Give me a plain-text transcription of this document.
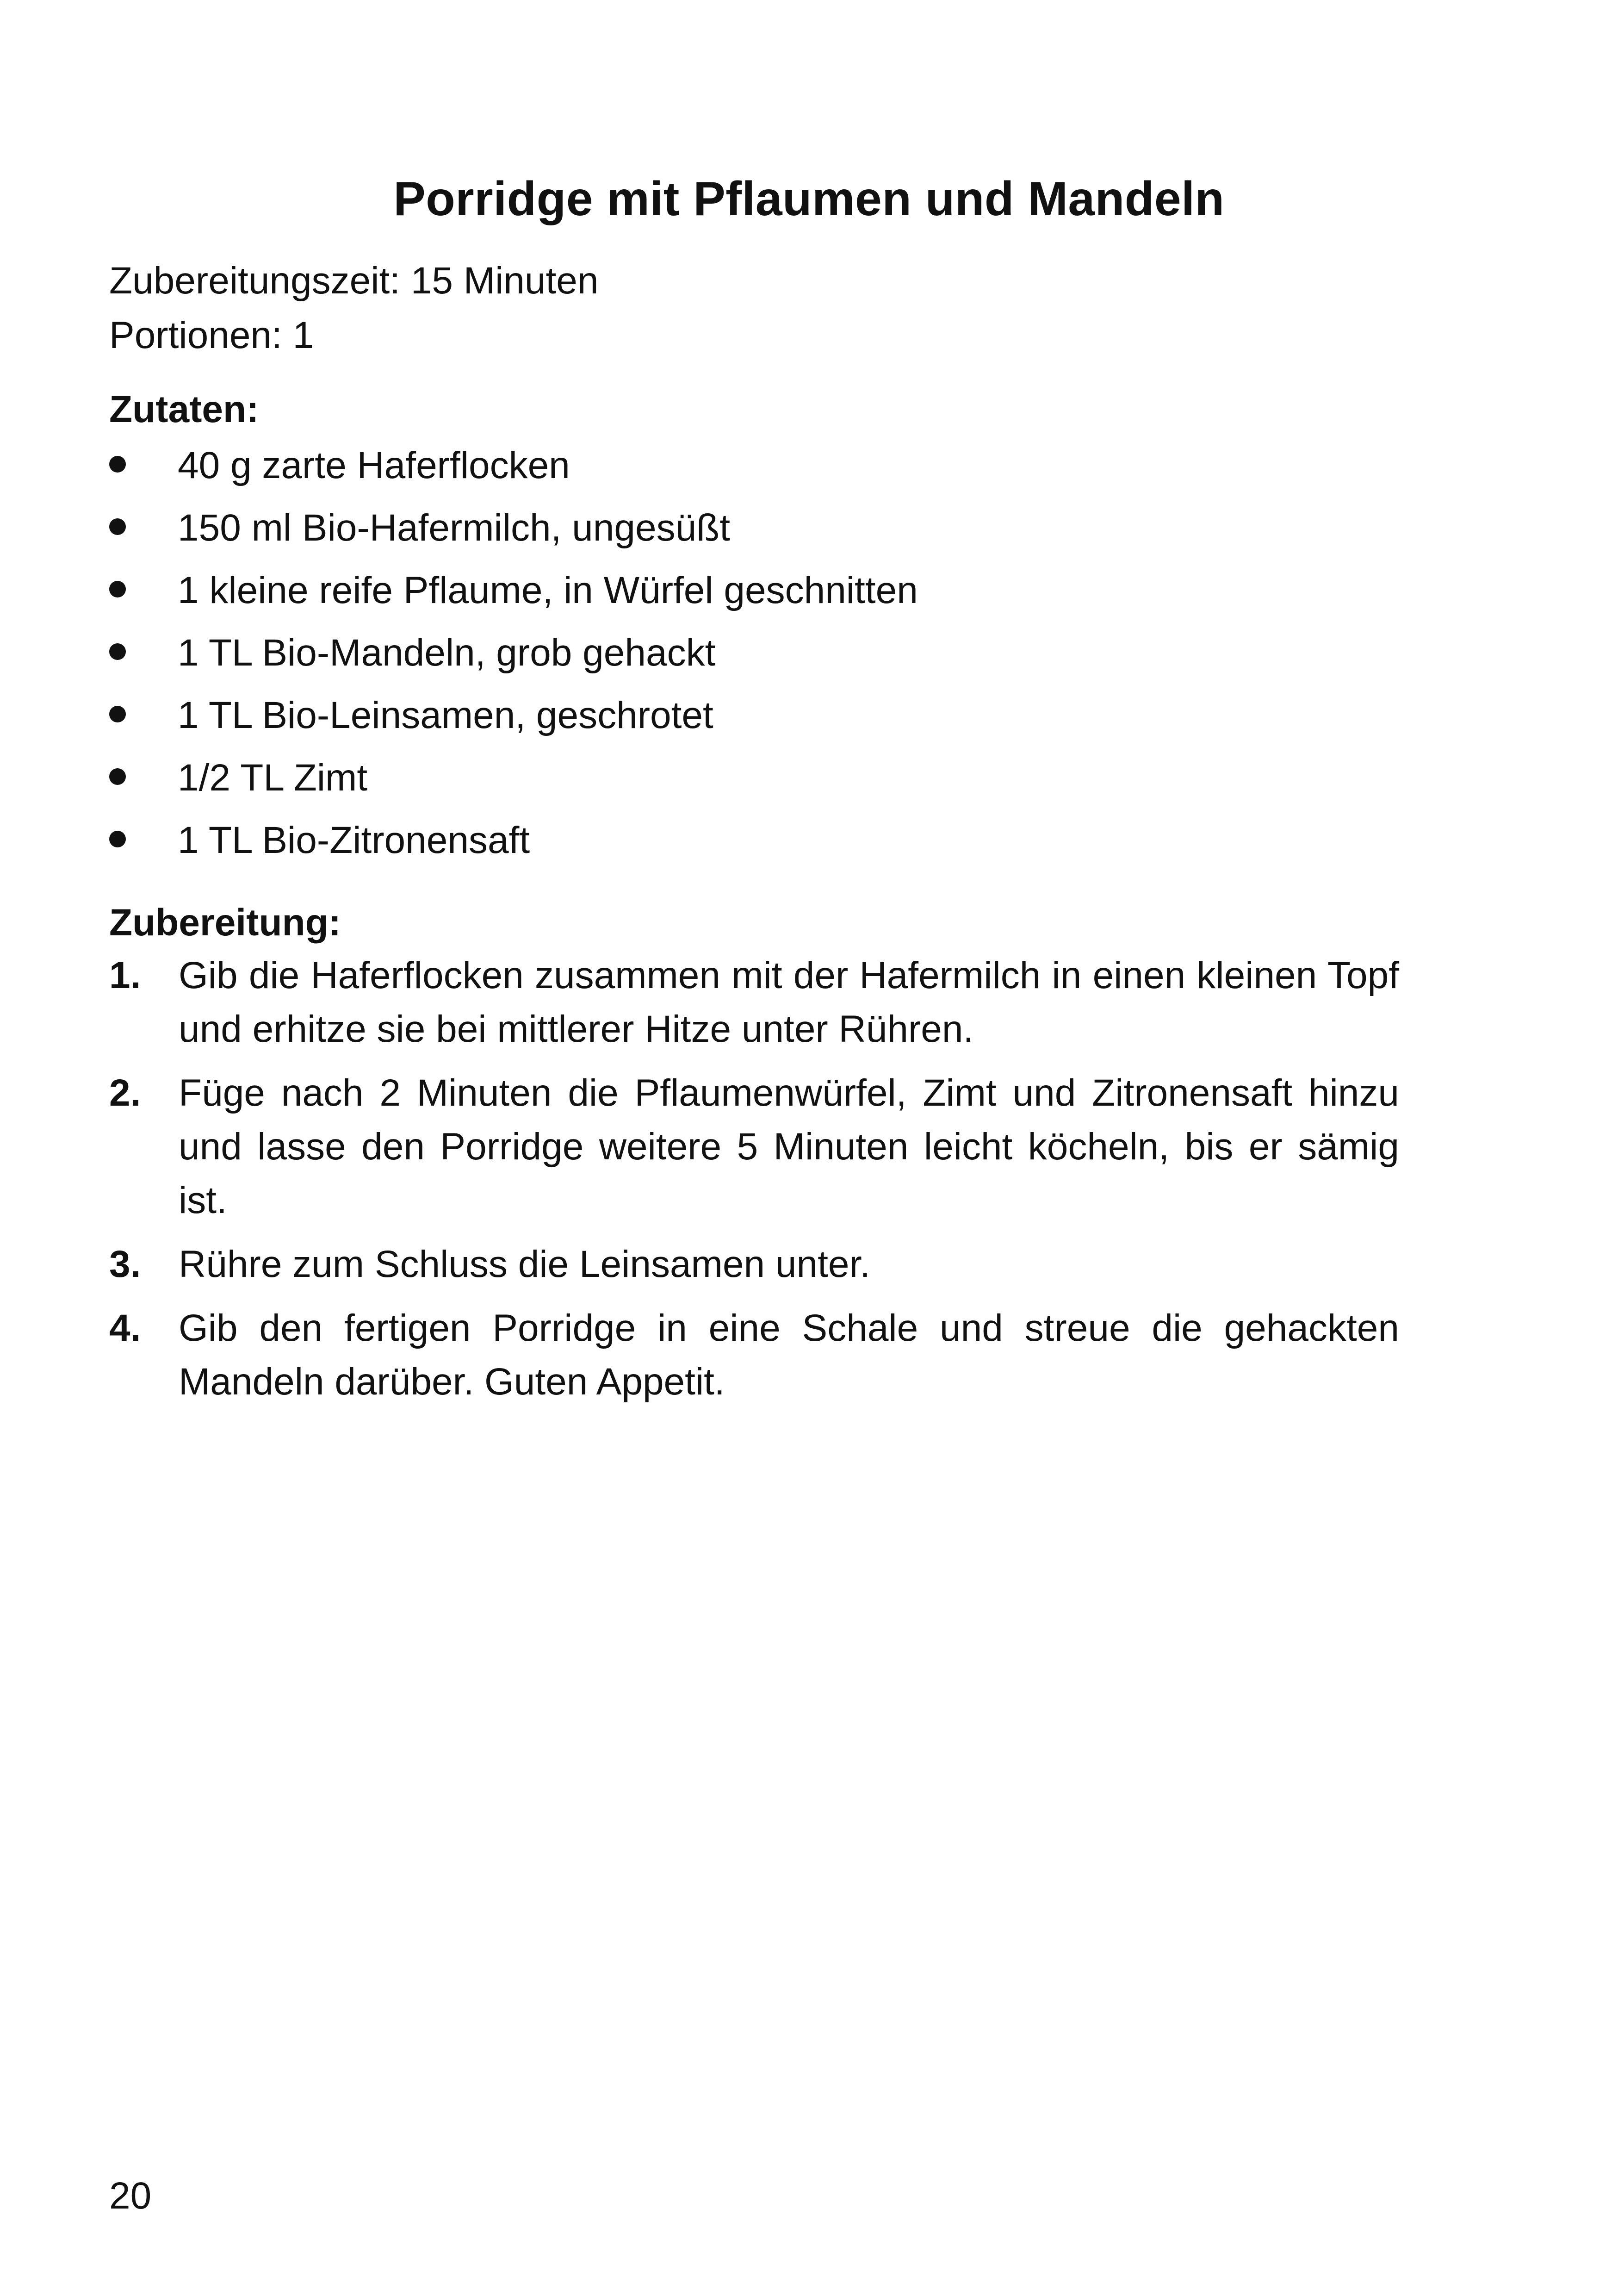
Porridge mit Pflaumen und Mandeln
Zubereitungszeit: 15 Minuten
Portionen: 1
Zutaten:
40 g zarte Haferflocken
150 ml Bio-Hafermilch, ungesüßt
1 kleine reife Pflaume, in Würfel geschnitten
1 TL Bio-Mandeln, grob gehackt
1 TL Bio-Leinsamen, geschrotet
1/2 TL Zimt
1 TL Bio-Zitronensaft
Zubereitung:
1. Gib die Haferflocken zusammen mit der Hafermilch in einen kleinen Topf und erhitze sie bei mittlerer Hitze unter Rühren.
2. Füge nach 2 Minuten die Pflaumenwürfel, Zimt und Zitronensaft hinzu und lasse den Porridge weitere 5 Minuten leicht köcheln, bis er sämig ist.
3. Rühre zum Schluss die Leinsamen unter.
4. Gib den fertigen Porridge in eine Schale und streue die gehackten Mandeln darüber. Guten Appetit.
20
